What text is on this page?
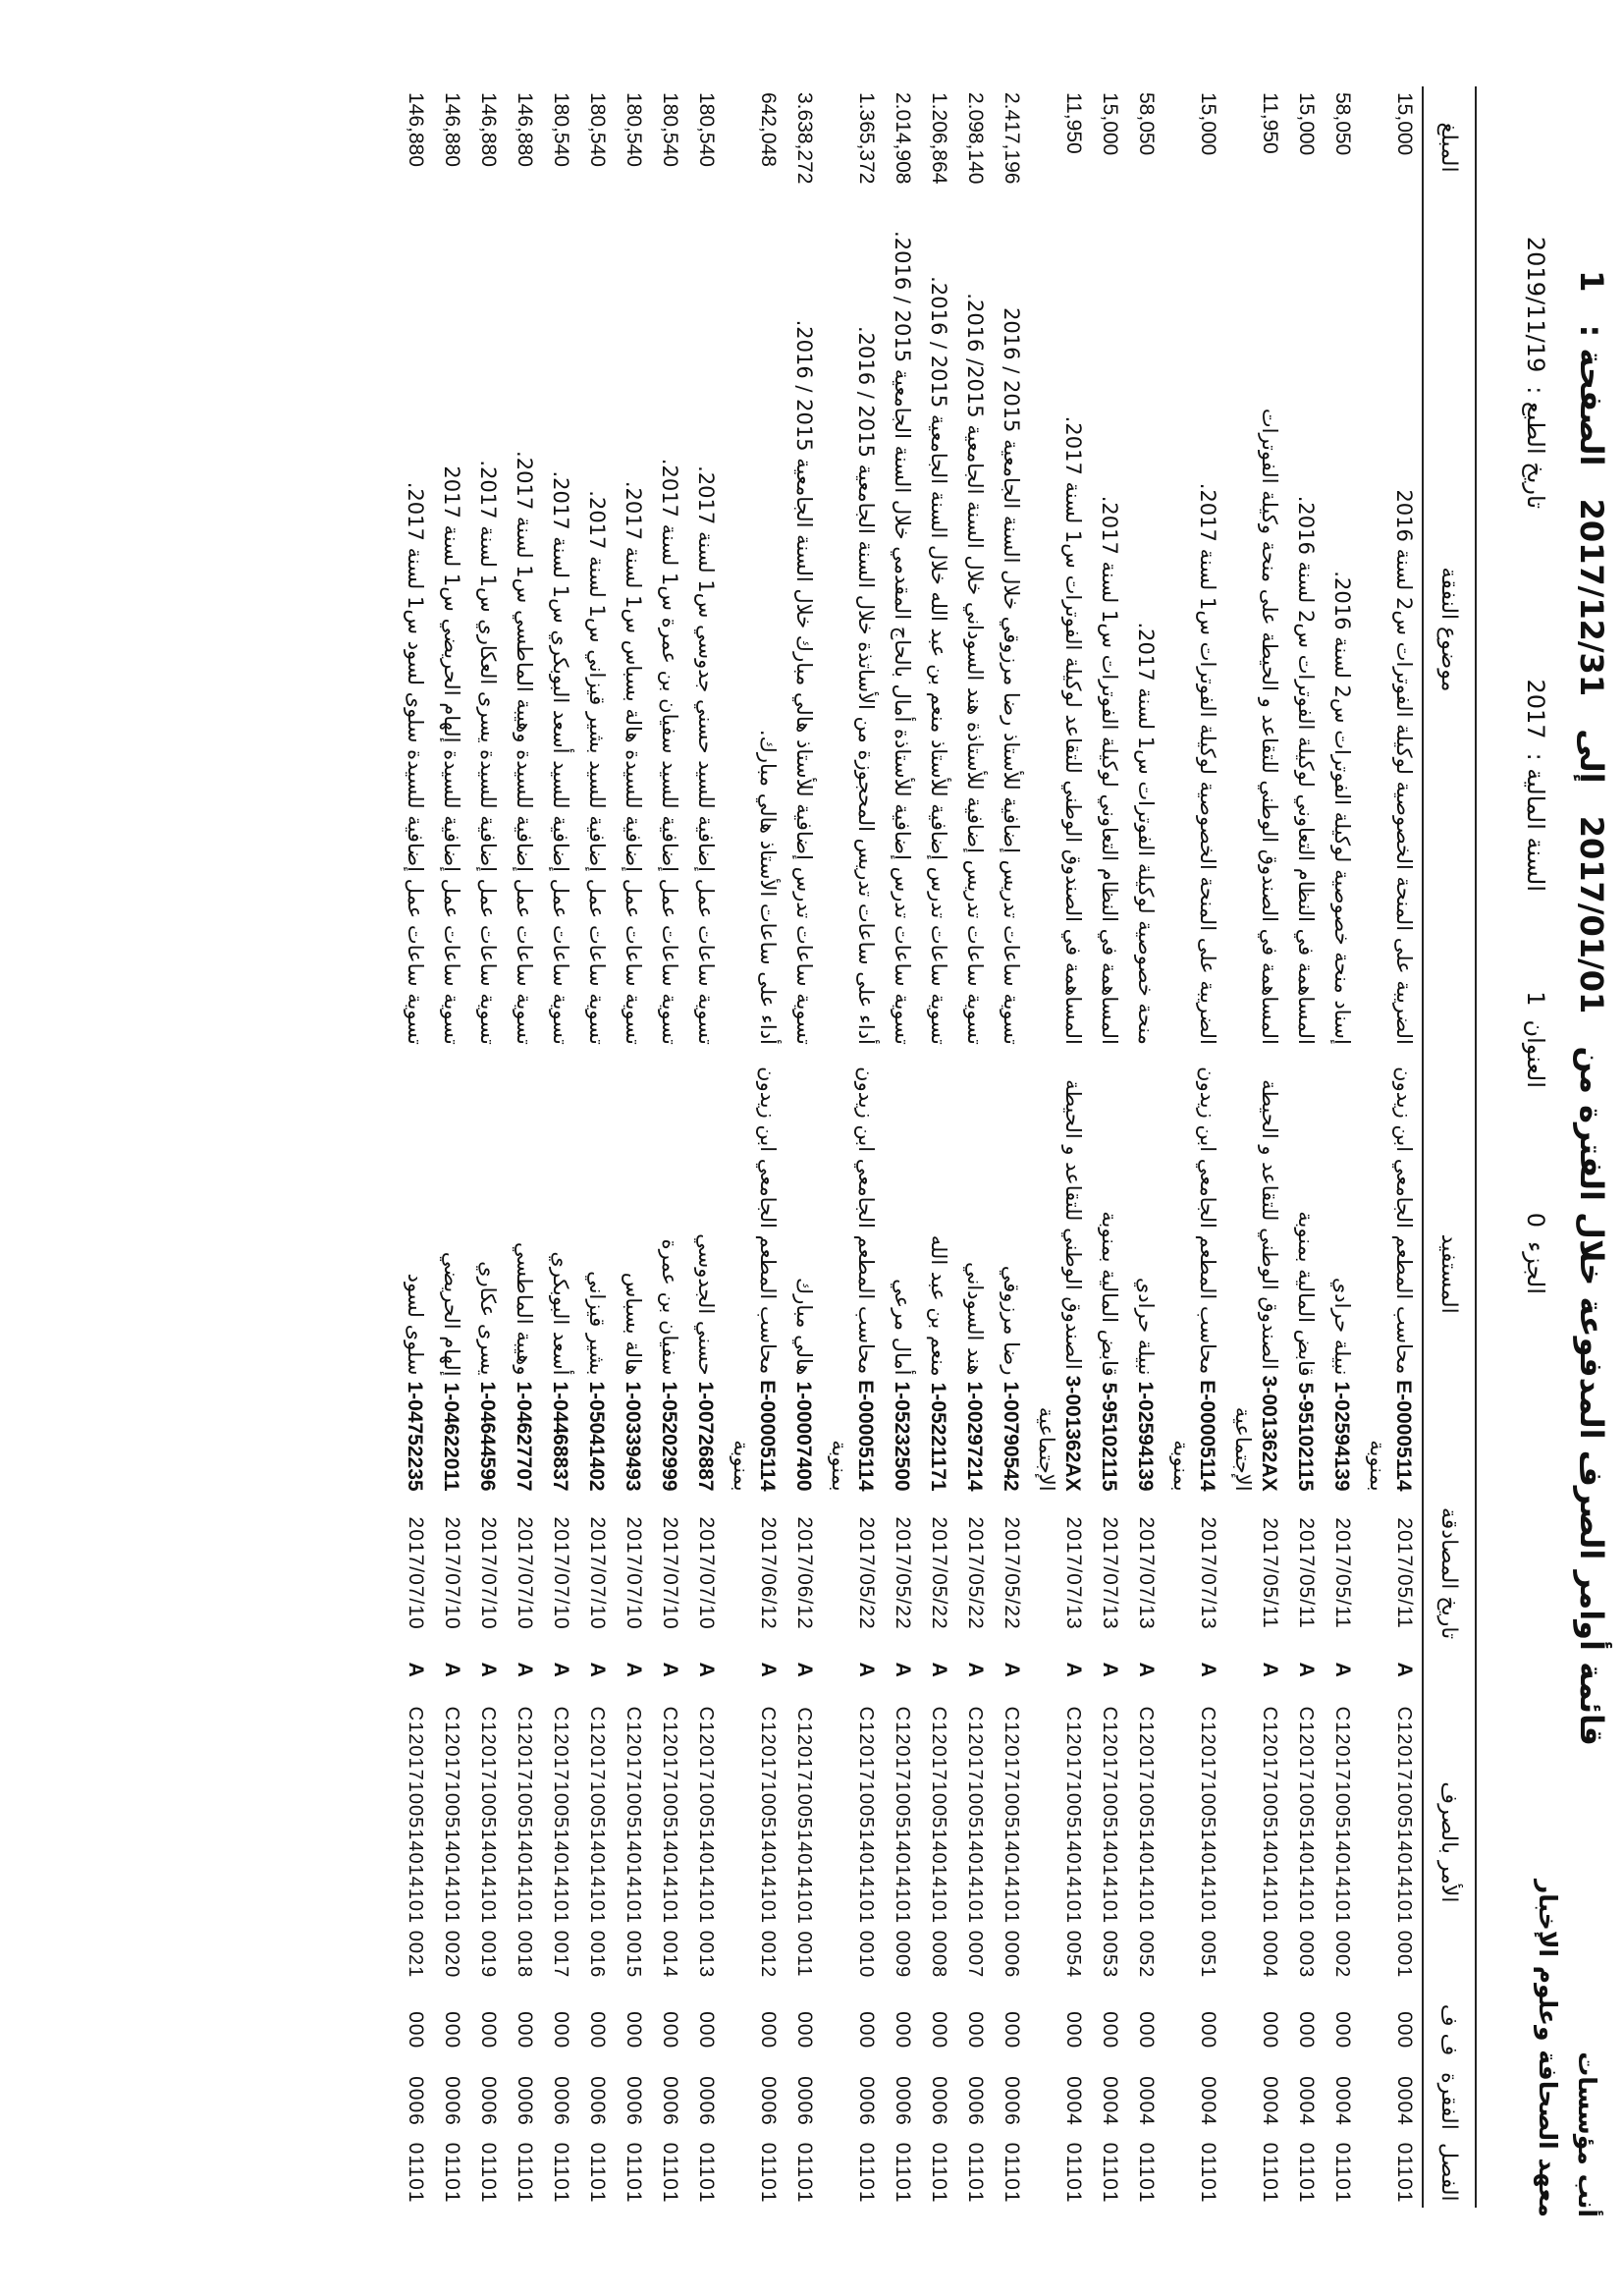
أنب مؤسسات
معهد الصحافة وعلوم الإخبار
قائمة أوامر الصرف المدفوعة خلال الفترة من 2017/01/01 إلى 2017/12/31 الصفحة : 1
الجزء0
العنوان1
السنة المالية :2017
تاريخ الطبع :2019/11/19
الفصل	الفقرة	ف ف	الأمر بالصرف		تاريخ المصادقة	المستفيد	موضوع النفقة	المبلغ
01101	0004	000	C12017100514014101 0001	A	2017/05/11	E-00005114محاسب المطعم الجامعي ابن زيدون بمنوبة	الضريبة على المنحة الخصوصية لوكيلة الفوترات س2 لسنة 2016	15,000
01101	0004	000	C12017100514014101 0002	A	2017/05/11	1-02594139نبيلة حرادي	إسناد منحة خصوصية لوكيلة الفوترات س2 لسنة 2016.	58,050
01101	0004	000	C12017100514014101 0003	A	2017/05/11	5-95102115قابض المالية بمنوبة	المساهمة في النظام التعاوني لوكيلة الفوترات س2 لسنة 2016.	15,000
01101	0004	000	C12017100514014101 0004	A	2017/05/11	3-001362AXالصندوق الوطني للتقاعد و الحيطة الإجتماعية	المساهمة في الصندوق الوطني للتقاعد و الحيطة على منحة وكيلة الفوترات	11,950
01101	0004	000	C12017100514014101 0051	A	2017/07/13	E-00005114محاسب المطعم الجامعي ابن زيدون بمنوبة	الضريبة على المنحة الخصوصية لوكيلة الفوترات س1 لسنة 2017.	15,000
01101	0004	000	C12017100514014101 0052	A	2017/07/13	1-02594139نبيلة حرادي	منحة خصوصية لوكيلة الفوترات س1 لسنة 2017.	58,050
01101	0004	000	C12017100514014101 0053	A	2017/07/13	5-95102115قابض المالية بمنوبة	المساهمة في النظام التعاوني لوكيلة الفوترات س1 لسنة 2017.	15,000
01101	0004	000	C12017100514014101 0054	A	2017/07/13	3-001362AXالصندوق الوطني للتقاعد و الحيطة الإجتماعية	المساهمة في الصندوق الوطني للتقاعد لوكيلة الفوترات س1 لسنة 2017.	11,950
01101	0006	000	C12017100514014101 0006	A	2017/05/22	1-00790542رضا مرزوقي	تسوية ساعات تدريس إضافية للأستاذ رضا مرزوقي خلال السنة الجامعية 2015 / 2016	2.417,196
01101	0006	000	C12017100514014101 0007	A	2017/05/22	1-00297214هند السوداني	تسوية ساعات تدريس إضافية للأستاذة هند السوداني خلال السنة الجامعية 2015/ 2016.	2.098,140
01101	0006	000	C12017100514014101 0008	A	2017/05/22	1-05221171منعم بن عبد الله	تسوية ساعات تدرس إضافية للأستاذ منعم بن عبد الله خلال السنة الجامعية 2015 / 2016.	1.206,864
01101	0006	000	C12017100514014101 0009	A	2017/05/22	1-05232500أمال مرعي	تسوية ساعات تدرس إضافية للأستاذة أمال بالحاج المقدمي خلال السنة الجامعية 2015 / 2016.	2.014,908
01101	0006	000	C12017100514014101 0010	A	2017/05/22	E-00005114محاسب المطعم الجامعي ابن زيدون بمنوبة	أداء على ساعات تدريس المحجوزة من الأساتذة خلال السنة الجامعية 2015 / 2016.	1.365,372
01101	0006	000	C12017100514014101 0011	A	2017/06/12	1-00007400هالي مبارك	تسوية ساعات تدرس إضافية للأستاذ هالي مبارك خلال السنة الجامعية 2015 / 2016.	3.638,272
01101	0006	000	C12017100514014101 0012	A	2017/06/12	E-00005114محاسب المطعم الجامعي ابن زيدون بمنوبة	أداء على ساعات الأستاذ هالي مبارك.	642,048
01101	0006	000	C12017100514014101 0013	A	2017/07/10	1-00726887حسني الجدوسي	تسوية ساعات عمل إضافية للسيد حسني جدوسي س1 لسنة 2017.	180,540
01101	0006	000	C12017100514014101 0014	A	2017/07/10	1-05202999سفيان بن عمرة	تسوية ساعات عمل إضافية للسيد سفيان بن عمرة س1 لسنة 2017.	180,540
01101	0006	000	C12017100514014101 0015	A	2017/07/10	1-00339493هالة بسباس	تسوية ساعات عمل إضافية للسيدة هالة بسباس س1 لسنة 2017.	180,540
01101	0006	000	C12017100514014101 0016	A	2017/07/10	1-05041402بشير قيزاني	تسوية ساعات عمل إضافية للسيد بشير قيزاني س1 لسنة 2017.	180,540
01101	0006	000	C12017100514014101 0017	A	2017/07/10	1-04468837أسعد البوبكري	تسوية ساعات عمل إضافية للسيد أسعد البوبكري س1 لسنة 2017.	180,540
01101	0006	000	C12017100514014101 0018	A	2017/07/10	1-04627707وهيبة الماطسي	تسوية ساعات عمل إضافية للسيدة وهيبة الماطسي س1 لسنة 2017.	146,880
01101	0006	000	C12017100514014101 0019	A	2017/07/10	1-04644596يسرى عكاري	تسوية ساعات عمل إضافية للسيدة يسرى العكاري س1 لسنة 2017.	146,880
01101	0006	000	C12017100514014101 0020	A	2017/07/10	1-04622011إلهام الحريضي	تسوية ساعات عمل إضافية للسيدة إلهام الحريضي س1 لسنة 2017	146,880
01101	0006	000	C12017100514014101 0021	A	2017/07/10	1-04752235سلوى لسود	تسوية ساعات عمل إضافية للسيدة سلوى لسود س1 لسنة 2017.	146,880
